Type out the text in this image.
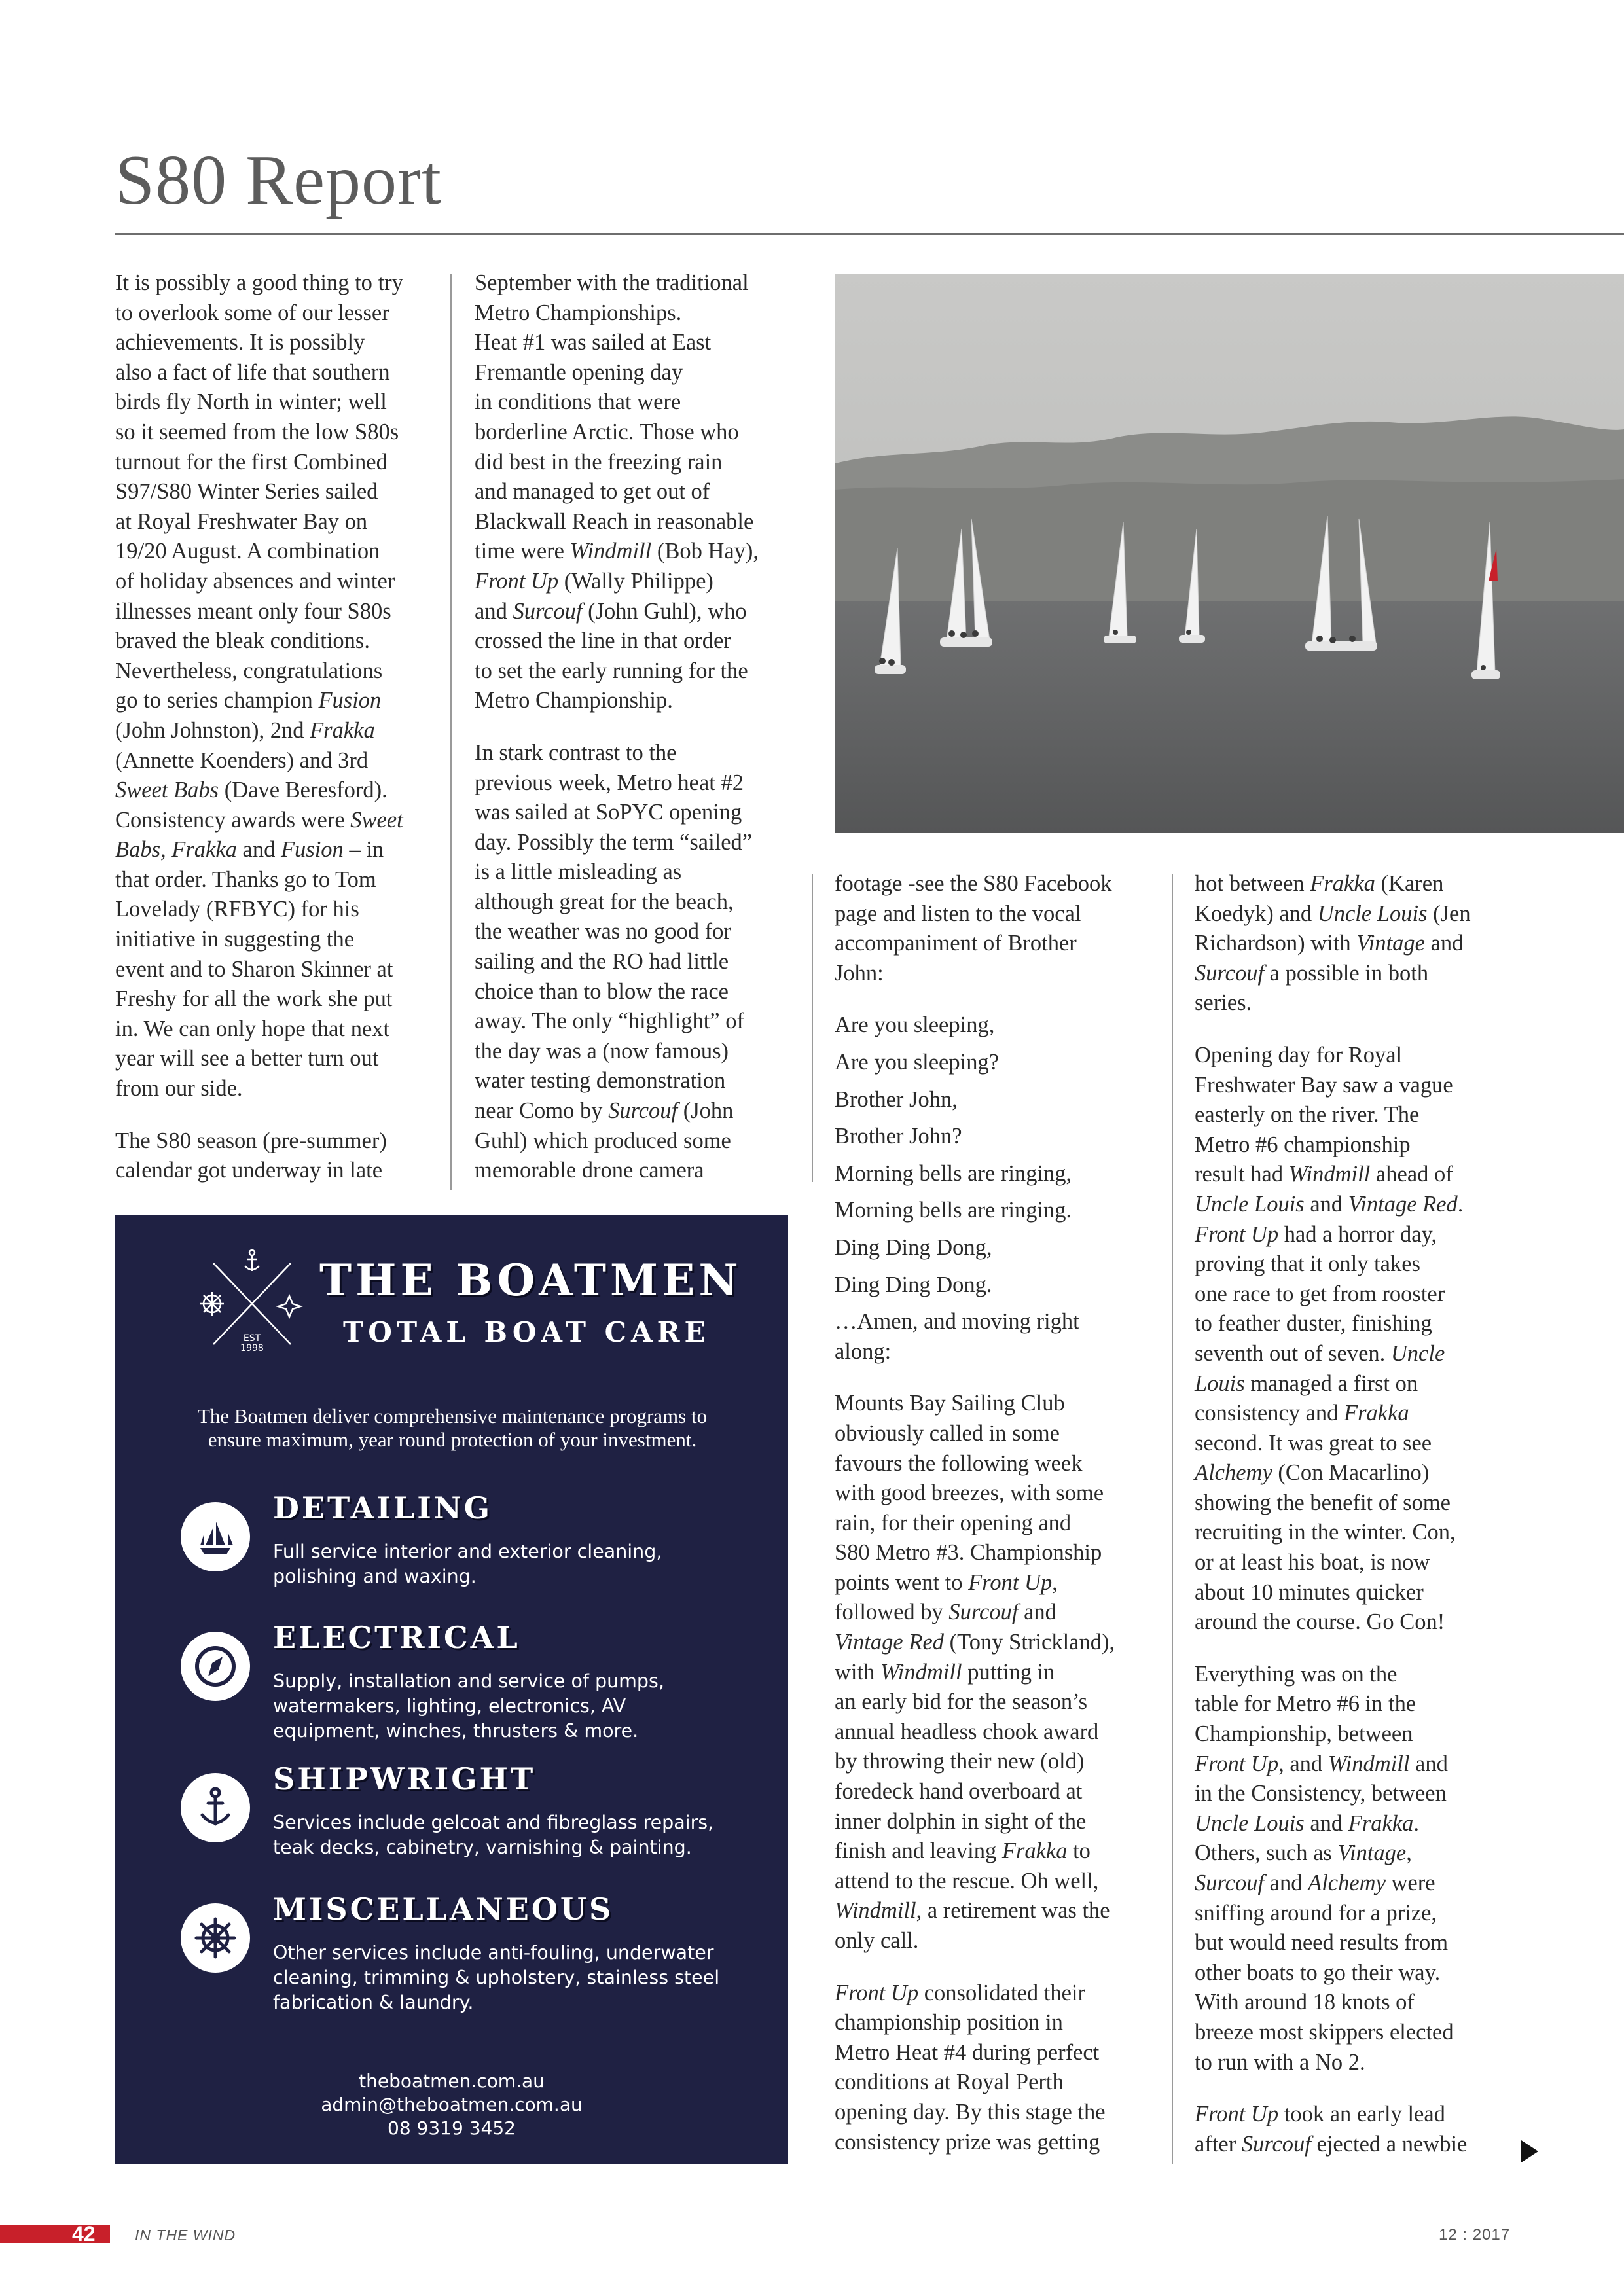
S80 Report

It is possibly a good thing to try
to overlook some of our lesser
achievements. It is possibly
also a fact of life that southern
birds fly North in winter; well
so it seemed from the low S80s
turnout for the first Combined
S97/S80 Winter Series sailed
at Royal Freshwater Bay on
19/20 August. A combination
of holiday absences and winter
illnesses meant only four S80s
braved the bleak conditions.
Nevertheless, congratulations
go to series champion Fusion
(John Johnston), 2nd Frakka
(Annette Koenders) and 3rd
Sweet Babs (Dave Beresford).
Consistency awards were Sweet
Babs, Frakka and Fusion – in
that order. Thanks go to Tom
Lovelady (RFBYC) for his
initiative in suggesting the
event and to Sharon Skinner at
Freshy for all the work she put
in. We can only hope that next
year will see a better turn out
from our side.

The S80 season (pre-summer)
calendar got underway in late

September with the traditional
Metro Championships.
Heat #1 was sailed at East
Fremantle opening day
in conditions that were
borderline Arctic. Those who
did best in the freezing rain
and managed to get out of
Blackwall Reach in reasonable
time were Windmill (Bob Hay),
Front Up (Wally Philippe)
and Surcouf (John Guhl), who
crossed the line in that order
to set the early running for the
Metro Championship.

In stark contrast to the
previous week, Metro heat #2
was sailed at SoPYC opening
day. Possibly the term “sailed”
is a little misleading as
although great for the beach,
the weather was no good for
sailing and the RO had little
choice than to blow the race
away. The only “highlight” of
the day was a (now famous)
water testing demonstration
near Como by Surcouf (John
Guhl) which produced some
memorable drone camera

footage -see the S80 Facebook
page and listen to the vocal
accompaniment of Brother
John:

Are you sleeping,

Are you sleeping?

Brother John,

Brother John?

Morning bells are ringing,

Morning bells are ringing.

Ding Ding Dong,

Ding Ding Dong.

…Amen, and moving right
along:

Mounts Bay Sailing Club
obviously called in some
favours the following week
with good breezes, with some
rain, for their opening and
S80 Metro #3. Championship
points went to Front Up,
followed by Surcouf and
Vintage Red (Tony Strickland),
with Windmill putting in
an early bid for the season’s
annual headless chook award
by throwing their new (old)
foredeck hand overboard at
inner dolphin in sight of the
finish and leaving Frakka to
attend to the rescue. Oh well,
Windmill, a retirement was the
only call.

Front Up consolidated their
championship position in
Metro Heat #4 during perfect
conditions at Royal Perth
opening day. By this stage the
consistency prize was getting

hot between Frakka (Karen
Koedyk) and Uncle Louis (Jen
Richardson) with Vintage and
Surcouf a possible in both
series.

Opening day for Royal
Freshwater Bay saw a vague
easterly on the river. The
Metro #6 championship
result had Windmill ahead of
Uncle Louis and Vintage Red.
Front Up had a horror day,
proving that it only takes
one race to get from rooster
to feather duster, finishing
seventh out of seven. Uncle
Louis managed a first on
consistency and Frakka
second. It was great to see
Alchemy (Con Macarlino)
showing the benefit of some
recruiting in the winter. Con,
or at least his boat, is now
about 10 minutes quicker
around the course. Go Con!

Everything was on the
table for Metro #6 in the
Championship, between
Front Up, and Windmill and
in the Consistency, between
Uncle Louis and Frakka.
Others, such as Vintage,
Surcouf and Alchemy were
sniffing around for a prize,
but would need results from
other boats to go their way.
With around 18 knots of
breeze most skippers elected
to run with a No 2.

Front Up took an early lead
after Surcouf ejected a newbie

EST
1998
THE BOATMEN
TOTAL BOAT CARE
The Boatmen deliver comprehensive maintenance programs to
ensure maximum, year round protection of your investment.
DETAILING
Full service interior and exterior cleaning,
polishing and waxing.
ELECTRICAL
Supply, installation and service of pumps,
watermakers, lighting, electronics, AV
equipment, winches, thrusters & more.
SHIPWRIGHT
Services include gelcoat and fibreglass repairs,
teak decks, cabinetry, varnishing & painting.
MISCELLANEOUS
Other services include anti-fouling, underwater
cleaning, trimming & upholstery, stainless steel
fabrication & laundry.
theboatmen.com.au
admin@theboatmen.com.au
08 9319 3452
42	IN THE WIND	12 : 2017
